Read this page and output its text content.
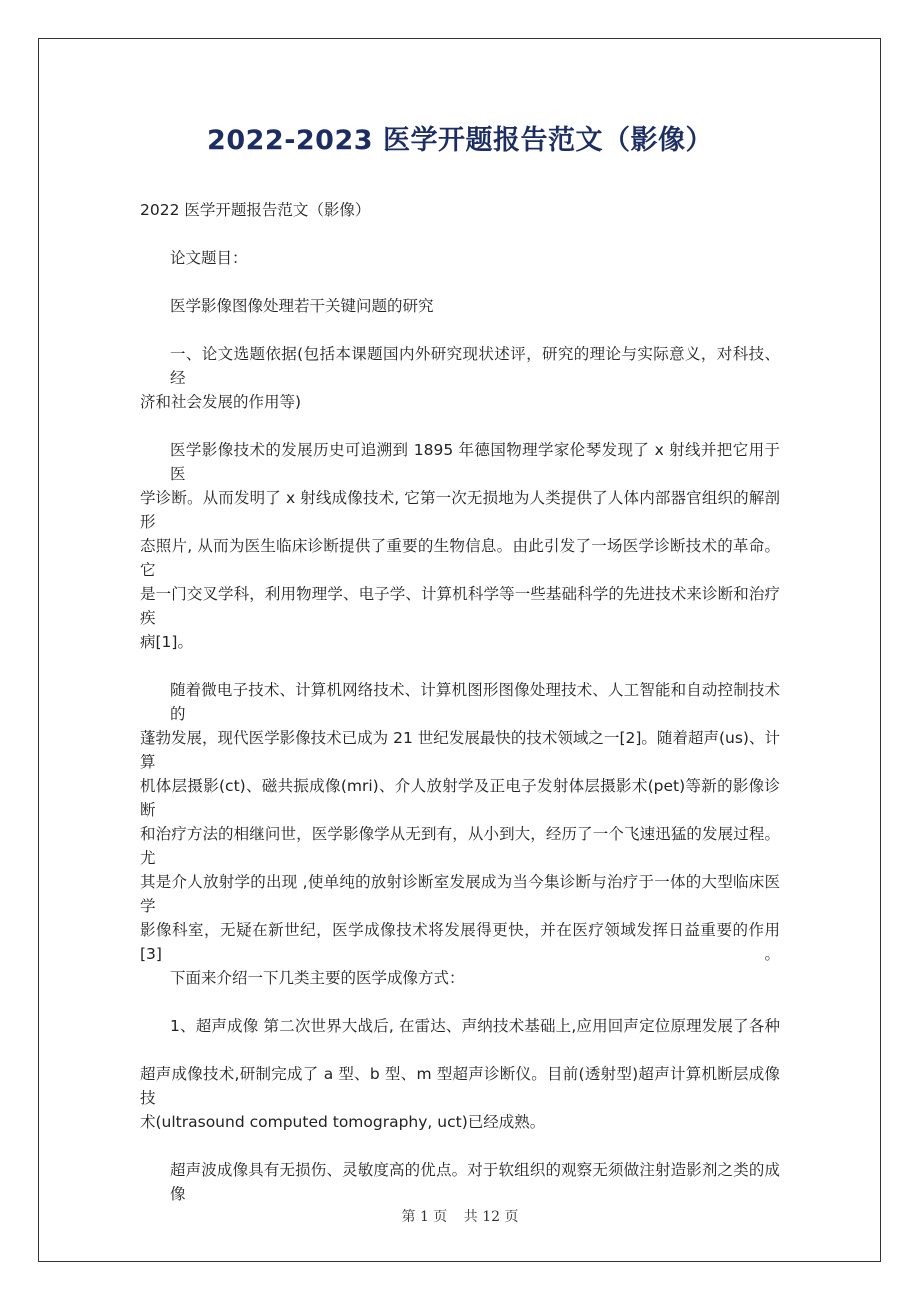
2022-2023 医学开题报告范文（影像）
2022 医学开题报告范文（影像）
论文题目：
医学影像图像处理若干关键问题的研究
一、论文选题依据(包括本课题国内外研究现状述评，研究的理论与实际意义，对科技、经
济和社会发展的作用等)
医学影像技术的发展历史可追溯到 1895 年德国物理学家伦琴发现了 x 射线并把它用于医
学诊断。从而发明了 x 射线成像技术, 它第一次无损地为人类提供了人体内部器官组织的解剖形
态照片, 从而为医生临床诊断提供了重要的生物信息。由此引发了一场医学诊断技术的革命。它
是一门交叉学科，利用物理学、电子学、计算机科学等一些基础科学的先进技术来诊断和治疗疾
病[1]。
随着微电子技术、计算机网络技术、计算机图形图像处理技术、人工智能和自动控制技术的
蓬勃发展，现代医学影像技术已成为 21 世纪发展最快的技术领域之一[2]。随着超声(us)、计算
机体层摄影(ct)、磁共振成像(mri)、介人放射学及正电子发射体层摄影术(pet)等新的影像诊断
和治疗方法的相继问世，医学影像学从无到有，从小到大，经历了一个飞速迅猛的发展过程。尤
其是介人放射学的出现 ,使单纯的放射诊断室发展成为当今集诊断与治疗于一体的大型临床医学
影像科室，无疑在新世纪，医学成像技术将发展得更快，并在医疗领域发挥日益重要的作用[3]。
下面来介绍一下几类主要的医学成像方式：
1、超声成像 第二次世界大战后, 在雷达、声纳技术基础上,应用回声定位原理发展了各种
超声成像技术,研制完成了 a 型、b 型、m 型超声诊断仪。目前(透射型)超声计算机断层成像技
术(ultrasound computed tomography, uct)已经成熟。
超声波成像具有无损伤、灵敏度高的优点。对于软组织的观察无须做注射造影剂之类的成像
第 1 页 共 12 页
